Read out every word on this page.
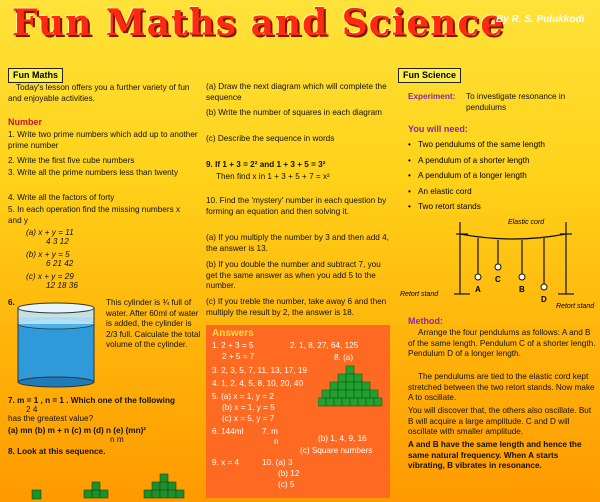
Fun Maths and Science
By R. S. Pulukkodi
Fun Maths
Today's lesson offers you a further variety of fun and enjoyable activities.
Number
1. Write two prime numbers which add up to another prime number
2. Write the first five cube numbers
3. Write all the prime numbers less than twenty
4. Write all the factors of forty
5. In each operation find the missing numbers x and y
(a) x + y = 11
4 3 12
(b) x + y = 5
6 21 42
(c) x + y = 29
12 18 36
6.	This cylinder is ¾ full of water. After 60ml of water is added, the cylinder is 2/3 full. Calculate the total volume of the cylinder.
7. m = 1 , n = 1 . Which one of the following
2 4
has the greatest value?
(a) mn (b) m + n (c) m (d) n (e) (mn)²
n m
8. Look at this sequence.
(a) Draw the next diagram which will complete the sequence
(b) Write the number of squares in each diagram
(c) Describe the sequence in words
9. If 1 + 3 = 2² and 1 + 3 + 5 = 3²
Then find x in 1 + 3 + 5 + 7 = x²
10. Find the 'mystery' number in each question by forming an equation and then solving it.
(a) If you multiply the number by 3 and then add 4, the answer is 13.
(b) If you double the number and subtract 7, you get the same answer as when you add 5 to the number.
(c) If you treble the number, take away 6 and then multiply the result by 2, the answer is 18.
Answers
1. 2 + 3 = 5
2 + 5 = 7
2. 1, 8, 27, 64, 125
8. (a)
3. 2, 3, 5, 7, 11, 13, 17, 19
4. 1, 2, 4, 5, 8, 10, 20, 40
5. (a) x = 1, y = 2
(b) x = 1, y = 5
(c) x = 5, y = 7
6. 144ml 7. m
n	(b) 1, 4, 9, 16
(c) Square numbers
9. x = 4	10. (a) 3
(b) 12
(c) 5
Fun Science
Experiment: To investigate resonance in pendulums
You will need:
• Two pendulums of the same length
• A pendulum of a shorter length
• A pendulum of a longer length
• An elastic cord
• Two retort stands
Elastic cord
Retort stand
Retort stand
A
C
B
D
Method:
Arrange the four pendulums as follows: A and B of the same length. Pendulum C of a shorter length. Pendulum D of a longer length.
The pendulums are tied to the elastic cord kept stretched between the two retort stands. Now make A to oscillate.
You will discover that, the others also oscillate. But B will acquire a large amplitude. C and D will oscillate with smaller amplitude.
A and B have the same length and hence the same natural frequency. When A starts vibrating, B vibrates in resonance.
